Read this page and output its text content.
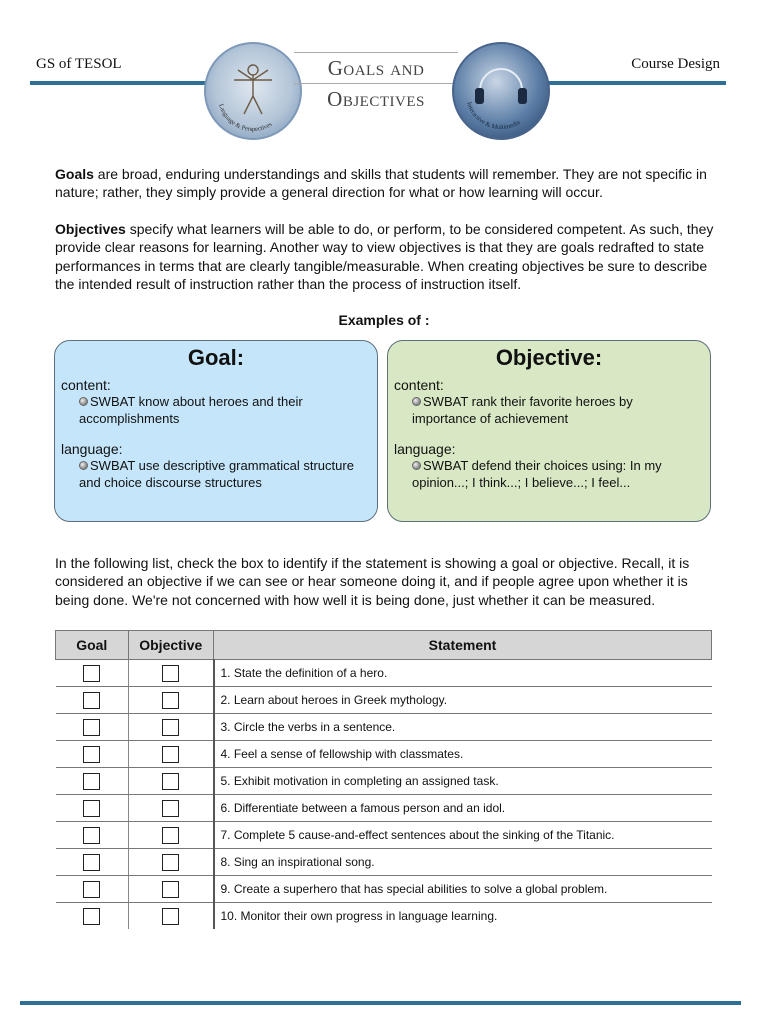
GS of TESOL	Course Design
Language & Perspectives
Goals and
Objectives	Interactive & Multimedia
Goals are broad, enduring understandings and skills that students will remember. They are not specific in nature; rather, they simply provide a general direction for what or how learning will occur.
Objectives specify what learners will be able to do, or perform, to be considered competent. As such, they provide clear reasons for learning. Another way to view objectives is that they are goals redrafted to state performances in terms that are clearly tangible/measurable. When creating objectives be sure to describe the intended result of instruction rather than the process of instruction itself.
Examples of :
Goal:
content:
SWBAT know about heroes and their accomplishments
language:
SWBAT use descriptive grammatical structure and choice discourse structures
Objective:
content:
SWBAT rank their favorite heroes by importance of achievement
language:
SWBAT defend their choices using: In my opinion...; I think...; I believe...; I feel...
In the following list, check the box to identify if the statement is showing a goal or objective. Recall, it is considered an objective if we can see or hear someone doing it, and if people agree upon whether it is being done. We're not concerned with how well it is being done, just whether it can be measured.
Goal	Objective	Statement
		1. State the definition of a hero.
		2. Learn about heroes in Greek mythology.
		3. Circle the verbs in a sentence.
		4. Feel a sense of fellowship with classmates.
		5. Exhibit motivation in completing an assigned task.
		6. Differentiate between a famous person and an idol.
		7. Complete 5 cause-and-effect sentences about the sinking of the Titanic.
		8. Sing an inspirational song.
		9. Create a superhero that has special abilities to solve a global problem.
		10. Monitor their own progress in language learning.
